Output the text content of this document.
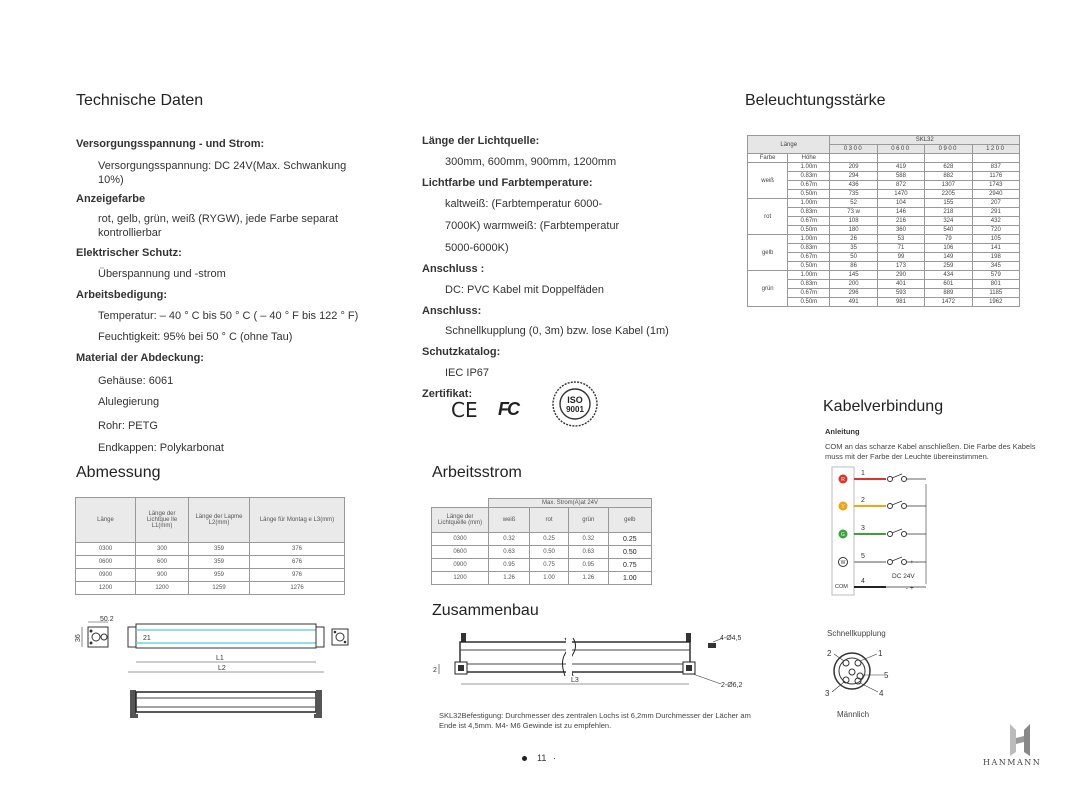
Technische Daten
Versorgungsspannung - und Strom:
Versorgungsspannung: DC 24V(Max. Schwankung 10%)
Anzeigefarbe
rot, gelb, grün, weiß (RYGW), jede Farbe separat kontrollierbar
Elektrischer Schutz:
Überspannung und -strom
Arbeitsbedigung:
Temperatur: – 40 ° C bis 50 ° C ( – 40 ° F bis 122 ° F)
Feuchtigkeit: 95% bei 50 ° C (ohne Tau)
Material der Abdeckung:
Gehäuse: 6061
Alulegierung
Rohr: PETG
Endkappen: Polykarbonat
Länge der Lichtquelle:
300mm, 600mm, 900mm, 1200mm
Lichtfarbe und Farbtemperature:
kaltweiß: (Farbtemperatur 6000-
7000K) warmweiß: (Farbtemperatur
5000-6000K)
Anschluss :
DC: PVC Kabel mit Doppelfäden
Anschluss:
Schnellkupplung (0, 3m) bzw. lose Kabel (1m)
Schutzkatalog:
IEC IP67
Zertifikat:
CE FC	ISO
9001
Beleuchtungsstärke
Länge		SKL32			
		0300	0600	0900	1200
Farbe	Höhe				
weiß	1.00m	209	419	628	837
	0.83m	294	588	882	1176
	0.67m	436	872	1307	1743
	0.50m	735	1470	2205	2940
rot	1.00m	52	104	155	207
	0.83m	73 w	146	218	291
	0.67m	108	216	324	432
	0.50m	180	360	540	720
gelb	1.00m	26	53	79	105
	0.83m	35	71	106	141
	0.67m	50	99	149	198
	0.50m	86	173	259	345
grün	1.00m	145	290	434	579
	0.83m	200	401	601	801
	0.67m	296	593	889	1185
	0.50m	491	981	1472	1962
Abmessung
Länge	Länge der Lichtque lle L1(mm)	Länge der Lapme L2(mm)	Länge für Montag e L3(mm)
0300	300	359	376
0600	600	359	676
0900	900	959	976
1200	1200	1259	1276
50.2
36	21
L1
L2
Arbeitsstrom
	Max. Strom(A)at 24V			
Länge der Lichtquelle (mm)	weiß	rot	grün	gelb
0300	0.32	0.25	0.32	0.25
0600	0.63	0.50	0.63	0.50
0900	0.95	0.75	0.95	0.75
1200	1.26	1.00	1.26	1.00
Zusammenbau
4-Ø4,5
2-Ø6,2
2
L3
SKL32Befestigung: Durchmesser des zentralen Lochs ist 6,2mm Durchmesser der Lächer am Ende ist 4,5mm. M4- M6 Gewinde ist zu empfehlen.
Kabelverbindung
Anleitung
COM an das scharze Kabel anschließen. Die Farbe des Kabels muss mit der Farbe der Leuchte übereinstimmen.
R
1
Y
2
G
3
W
5
4
+ -
DC 24V
- +
COM
Schnellkupplung
2	1
5
3	4
Männlich
11 ·	HANMANN
